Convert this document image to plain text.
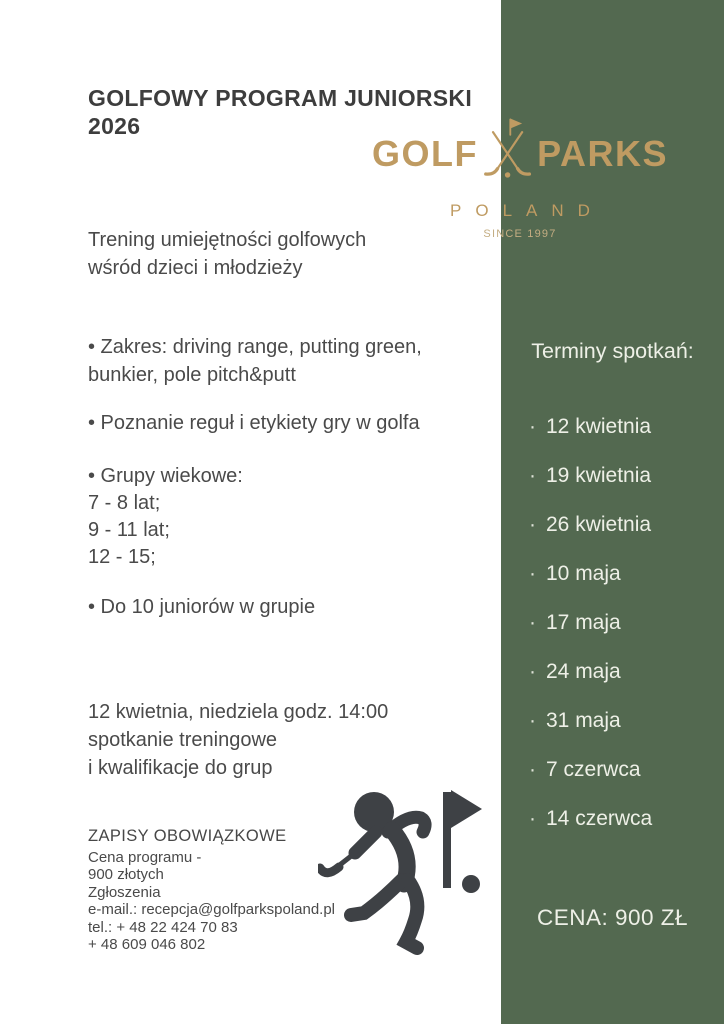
GOLFOWY PROGRAM JUNIORSKI
2026
GOLF PARKS
POLAND
SINCE 1997
Trening umiejętności golfowych
wśród dzieci i młodzieży
• Zakres: driving range, putting green,
bunkier, pole pitch&putt
• Poznanie reguł i etykiety gry w golfa
• Grupy wiekowe:
7 - 8 lat;
9 - 11 lat;
12 - 15;
• Do 10 juniorów w grupie
12 kwietnia, niedziela godz. 14:00
spotkanie treningowe
i kwalifikacje do grup
ZAPISY OBOWIĄZKOWE
Cena programu -
900 złotych
Zgłoszenia
e-mail.: recepcja@golfparkspoland.pl
tel.: + 48 22 424 70 83
+ 48 609 046 802
Terminy spotkań:
· 12 kwietnia
· 19 kwietnia
· 26 kwietnia
· 10 maja
· 17 maja
· 24 maja
· 31 maja
· 7 czerwca
· 14 czerwca
CENA: 900 ZŁ
